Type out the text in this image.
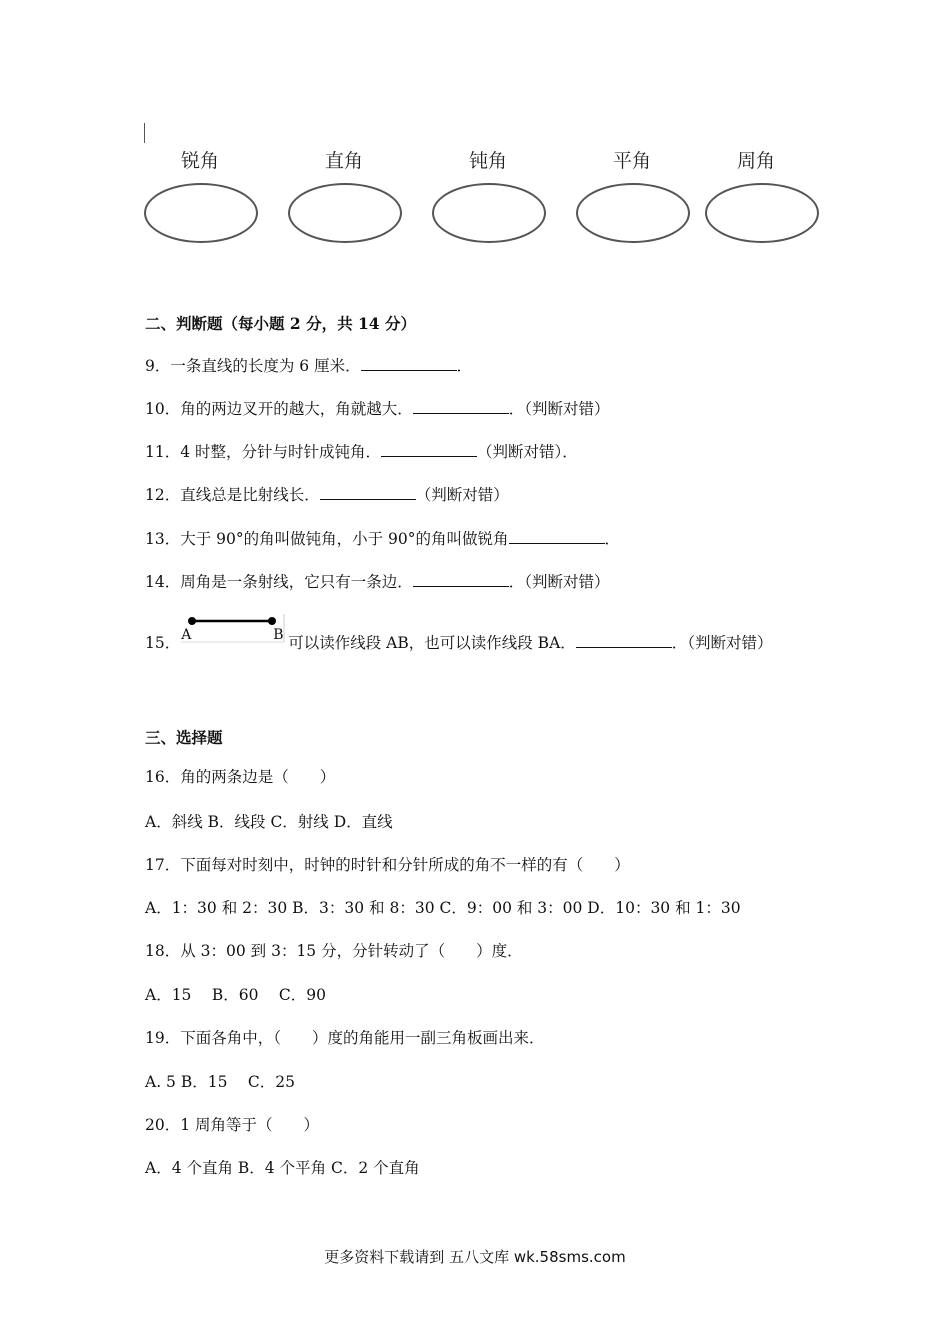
锐角	直角	钝角	平角	周角
二、判断题（每小题 2 分，共 14 分）
9．一条直线的长度为 6 厘米．	．
10．角的两边叉开的越大，角就越大．	．（判断对错）
11．4 时整，分针与时针成钝角．	（判断对错）．
12．直线总是比射线长．	（判断对错）
13．大于 90°的角叫做钝角，小于 90°的角叫做锐角	．
14．周角是一条射线，它只有一条边．	．（判断对错）
15． A	B 可以读作线段 AB，也可以读作线段 BA．	．（判断对错）
三、选择题
16．角的两条边是（　　）
A．斜线 B．线段 C．射线 D．直线
17．下面每对时刻中，时钟的时针和分针所成的角不一样的有（　　）
A．1：30 和 2：30 B．3：30 和 8：30 C．9：00 和 3：00 D．10：30 和 1：30
18．从 3：00 到 3：15 分，分针转动了（　　）度．
A．15　 B．60　 C．90
19．下面各角中，（　　）度的角能用一副三角板画出来．
A. 5 B．15　 C．25
20．1 周角等于（　　）
A．4 个直角 B．4 个平角 C．2 个直角
更多资料下载请到 五八文库 wk.58sms.com
